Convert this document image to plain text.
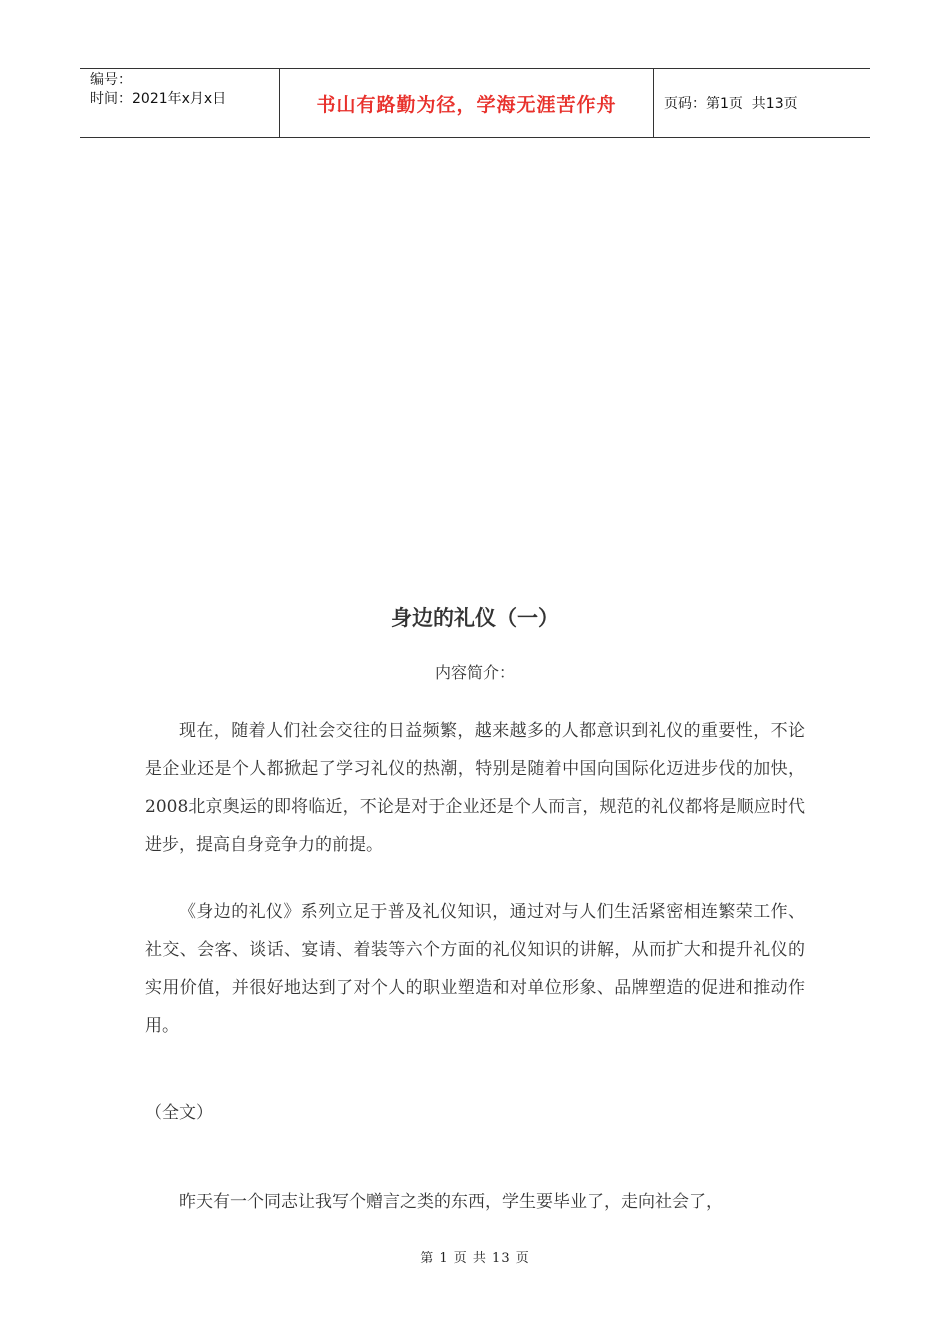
编号：
时间：2021年x月x日	书山有路勤为径，学海无涯苦作舟	页码：第1页  共13页
身边的礼仪（一）
内容简介：
现在，随着人们社会交往的日益频繁，越来越多的人都意识到礼仪的重要性，不论是企业还是个人都掀起了学习礼仪的热潮，特别是随着中国向国际化迈进步伐的加快，2008北京奥运的即将临近，不论是对于企业还是个人而言，规范的礼仪都将是顺应时代进步，提高自身竞争力的前提。
《身边的礼仪》系列立足于普及礼仪知识，通过对与人们生活紧密相连繁荣工作、社交、会客、谈话、宴请、着装等六个方面的礼仪知识的讲解，从而扩大和提升礼仪的实用价值，并很好地达到了对个人的职业塑造和对单位形象、品牌塑造的促进和推动作用。
（全文）
昨天有一个同志让我写个赠言之类的东西，学生要毕业了，走向社会了，
第 1 页 共 13 页
